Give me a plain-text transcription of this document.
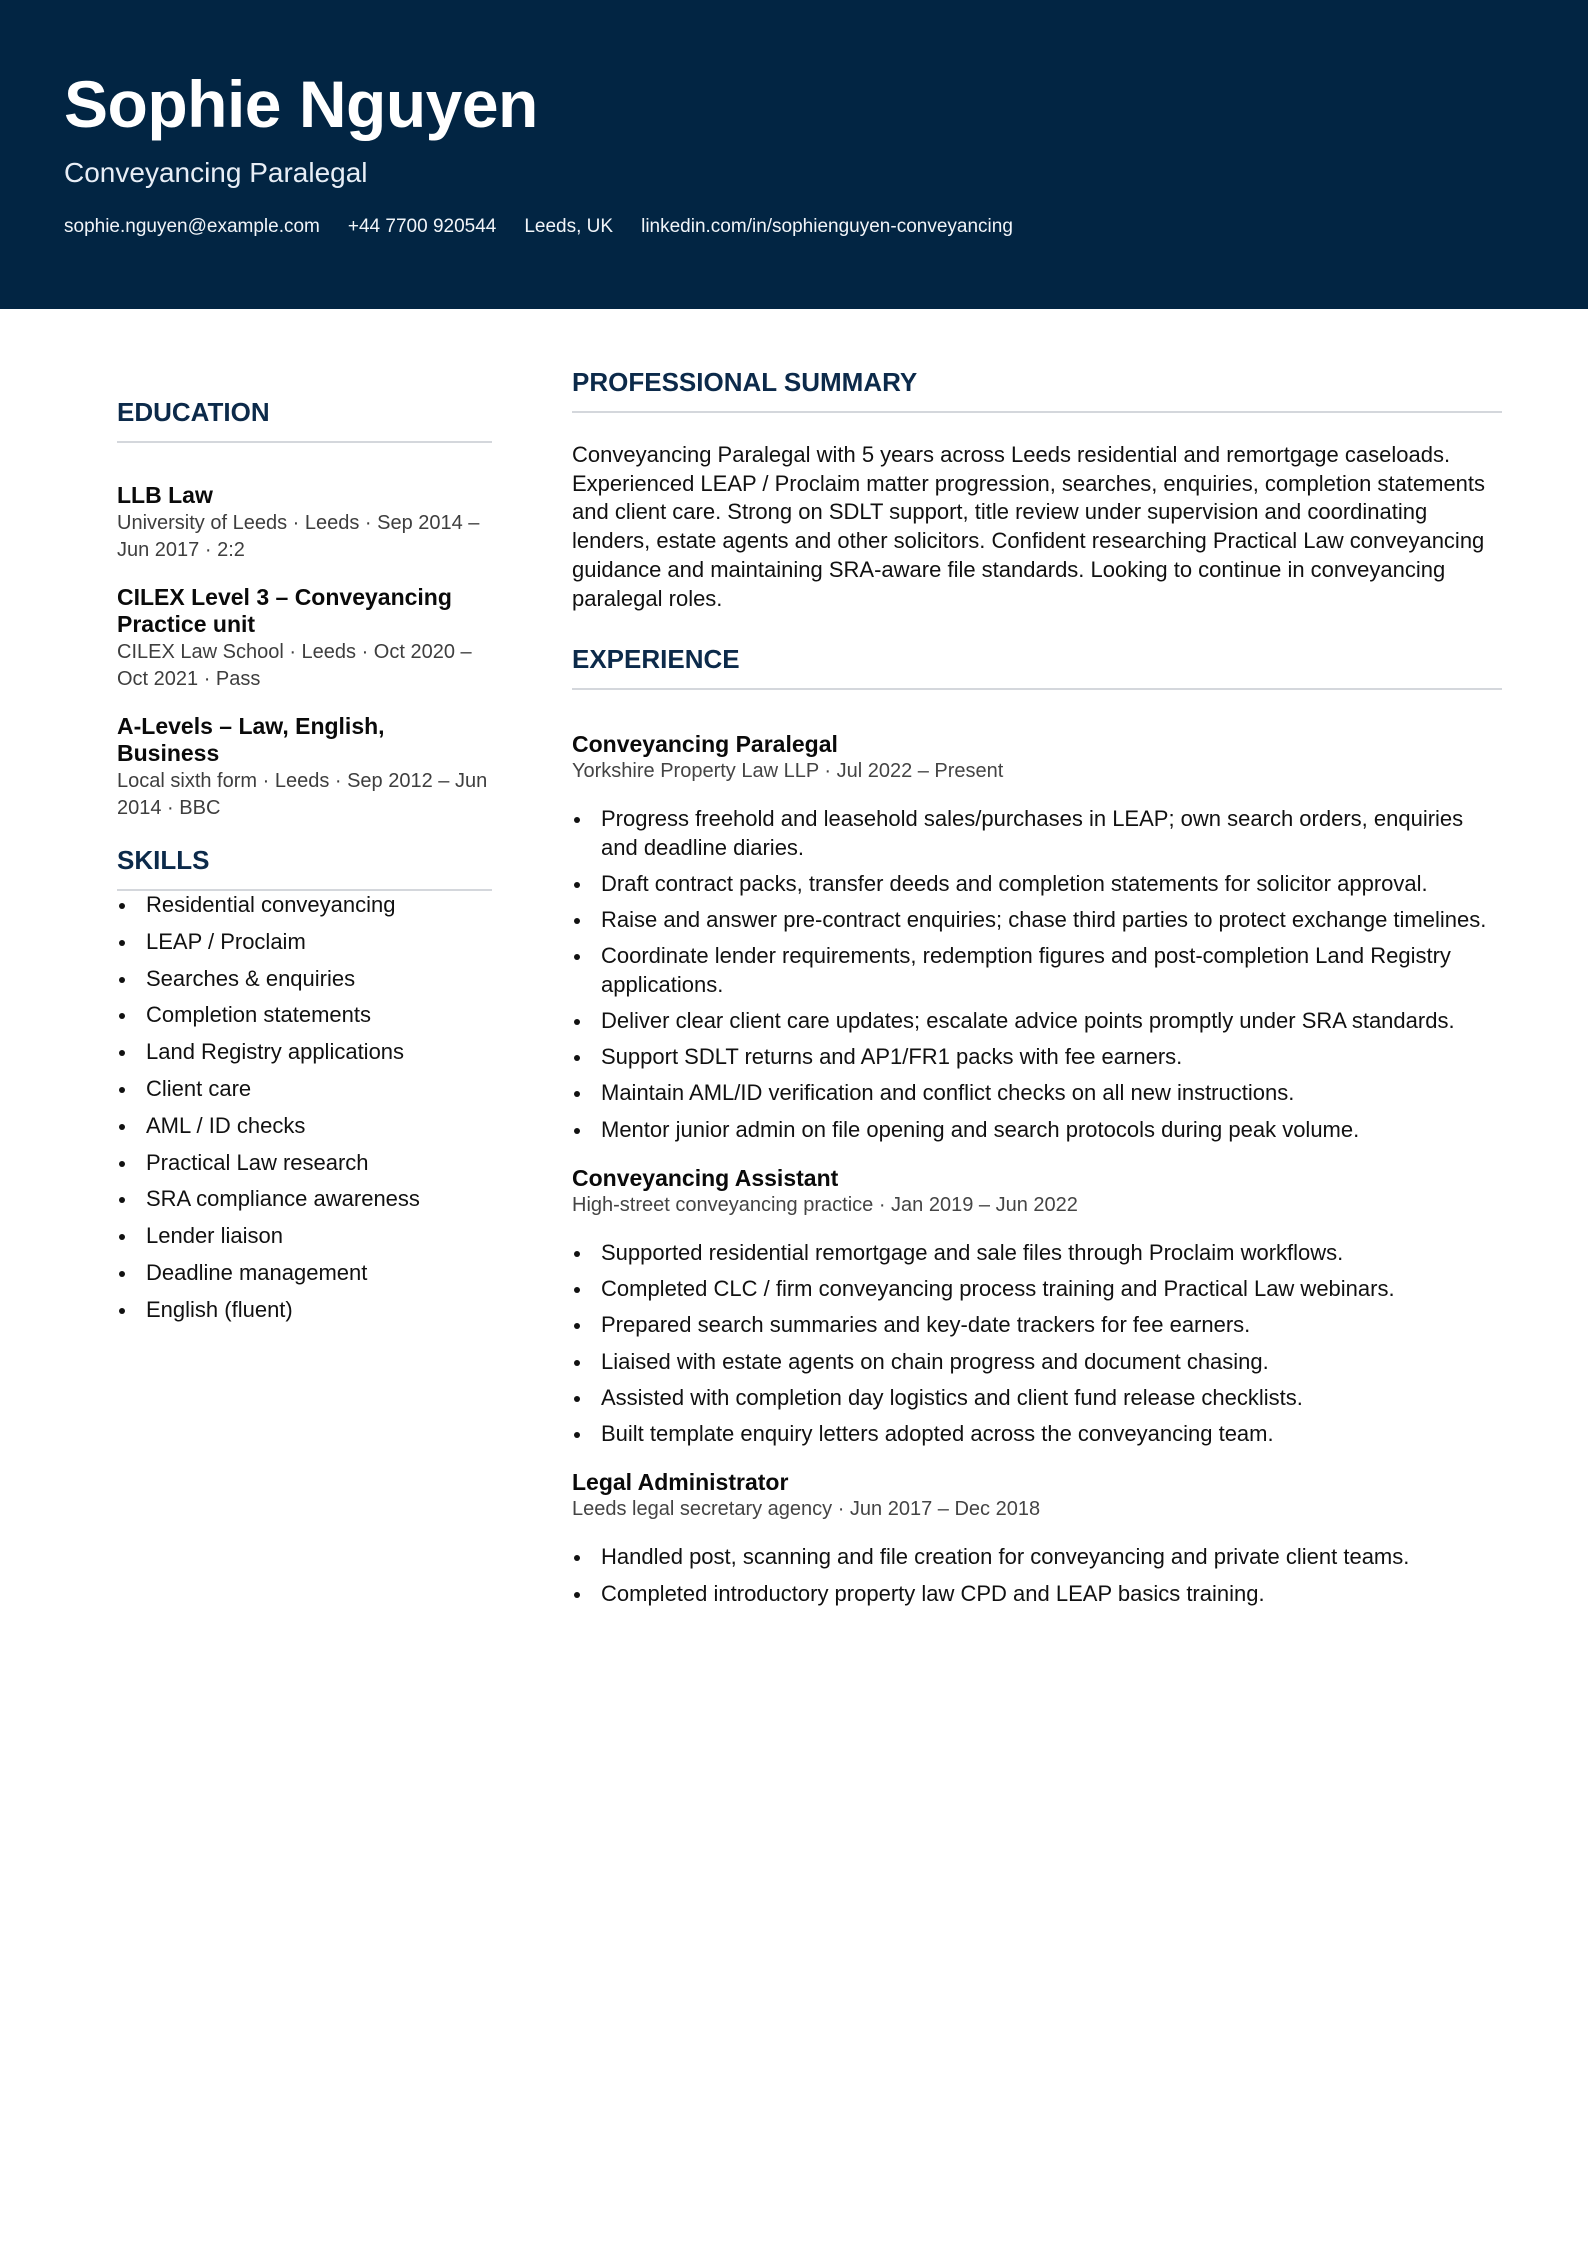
Sophie Nguyen
Conveyancing Paralegal
sophie.nguyen@example.com +44 7700 920544 Leeds, UK linkedin.com/in/sophienguyen-conveyancing
EDUCATION
LLB Law
University of Leeds · Leeds · Sep 2014 – Jun 2017 · 2:2
CILEX Level 3 – Conveyancing Practice unit
CILEX Law School · Leeds · Oct 2020 – Oct 2021 · Pass
A-Levels – Law, English, Business
Local sixth form · Leeds · Sep 2012 – Jun 2014 · BBC
SKILLS
Residential conveyancing
LEAP / Proclaim
Searches & enquiries
Completion statements
Land Registry applications
Client care
AML / ID checks
Practical Law research
SRA compliance awareness
Lender liaison
Deadline management
English (fluent)
PROFESSIONAL SUMMARY

Conveyancing Paralegal with 5 years across Leeds residential and remortgage caseloads. Experienced LEAP / Proclaim matter progression, searches, enquiries, completion statements and client care. Strong on SDLT support, title review under supervision and coordinating lenders, estate agents and other solicitors. Confident researching Practical Law conveyancing guidance and maintaining SRA-aware file standards. Looking to continue in conveyancing paralegal roles.

EXPERIENCE
Conveyancing Paralegal
Yorkshire Property Law LLP · Jul 2022 – Present
Progress freehold and leasehold sales/purchases in LEAP; own search orders, enquiries and deadline diaries.
Draft contract packs, transfer deeds and completion statements for solicitor approval.
Raise and answer pre-contract enquiries; chase third parties to protect exchange timelines.
Coordinate lender requirements, redemption figures and post-completion Land Registry applications.
Deliver clear client care updates; escalate advice points promptly under SRA standards.
Support SDLT returns and AP1/FR1 packs with fee earners.
Maintain AML/ID verification and conflict checks on all new instructions.
Mentor junior admin on file opening and search protocols during peak volume.
Conveyancing Assistant
High-street conveyancing practice · Jan 2019 – Jun 2022
Supported residential remortgage and sale files through Proclaim workflows.
Completed CLC / firm conveyancing process training and Practical Law webinars.
Prepared search summaries and key-date trackers for fee earners.
Liaised with estate agents on chain progress and document chasing.
Assisted with completion day logistics and client fund release checklists.
Built template enquiry letters adopted across the conveyancing team.
Legal Administrator
Leeds legal secretary agency · Jun 2017 – Dec 2018
Handled post, scanning and file creation for conveyancing and private client teams.
Completed introductory property law CPD and LEAP basics training.
